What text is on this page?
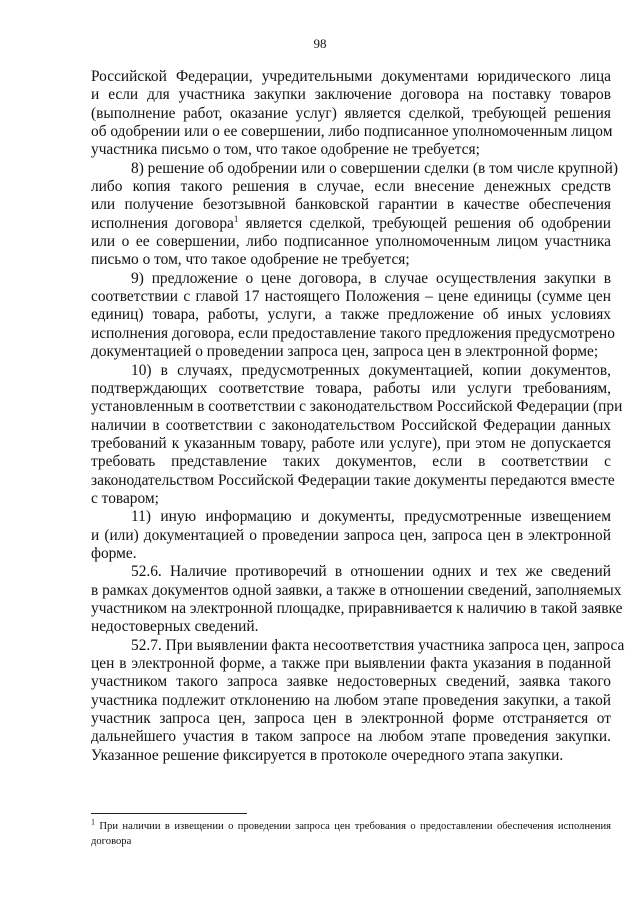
98
Российской Федерации, учредительными документами юридического лица
и если для участника закупки заключение договора на поставку товаров
(выполнение работ, оказание услуг) является сделкой, требующей решения
об одобрении или о ее совершении, либо подписанное уполномоченным лицом
участника письмо о том, что такое одобрение не требуется;
8) решение об одобрении или о совершении сделки (в том числе крупной)
либо копия такого решения в случае, если внесение денежных средств
или получение безотзывной банковской гарантии в качестве обеспечения
исполнения договора$^1$ является сделкой, требующей решения об одобрении
или о ее совершении, либо подписанное уполномоченным лицом участника
письмо о том, что такое одобрение не требуется;
9) предложение о цене договора, в случае осуществления закупки в
соответствии с главой 17 настоящего Положения – цене единицы (сумме цен
единиц) товара, работы, услуги, а также предложение об иных условиях
исполнения договора, если предоставление такого предложения предусмотрено
документацией о проведении запроса цен, запроса цен в электронной форме;
10) в случаях, предусмотренных документацией, копии документов,
подтверждающих соответствие товара, работы или услуги требованиям,
установленным в соответствии с законодательством Российской Федерации (при
наличии в соответствии с законодательством Российской Федерации данных
требований к указанным товару, работе или услуге), при этом не допускается
требовать представление таких документов, если в соответствии с
законодательством Российской Федерации такие документы передаются вместе
с товаром;
11) иную информацию и документы, предусмотренные извещением
и (или) документацией о проведении запроса цен, запроса цен в электронной
форме.
52.6. Наличие противоречий в отношении одних и тех же сведений
в рамках документов одной заявки, а также в отношении сведений, заполняемых
участником на электронной площадке, приравнивается к наличию в такой заявке
недостоверных сведений.
52.7. При выявлении факта несоответствия участника запроса цен, запроса
цен в электронной форме, а также при выявлении факта указания в поданной
участником такого запроса заявке недостоверных сведений, заявка такого
участника подлежит отклонению на любом этапе проведения закупки, а такой
участник запроса цен, запроса цен в электронной форме отстраняется от
дальнейшего участия в таком запросе на любом этапе проведения закупки.
Указанное решение фиксируется в протоколе очередного этапа закупки.
$^1$ При наличии в извещении о проведении запроса цен требования о предоставлении обеспечения исполнения
договора
